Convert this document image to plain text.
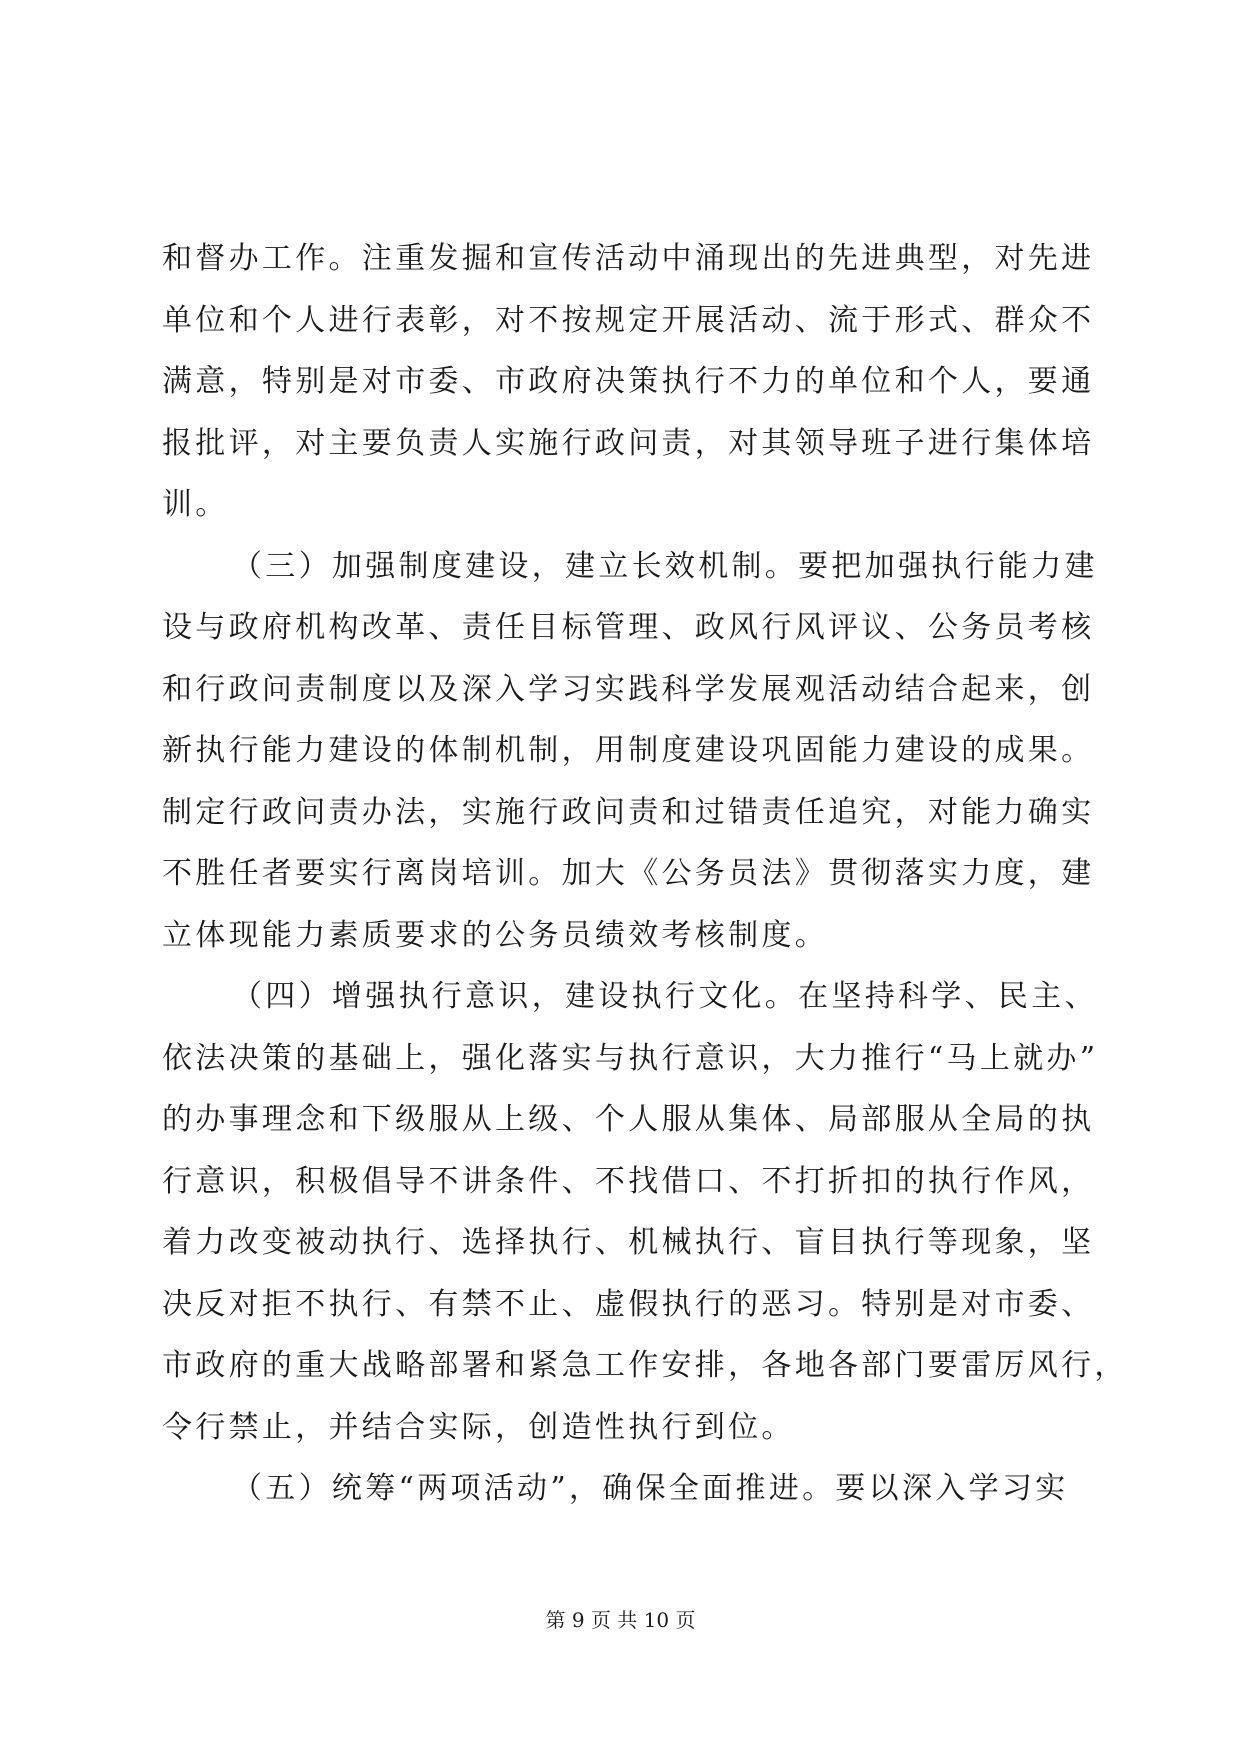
和督办工作。注重发掘和宣传活动中涌现出的先进典型，对先进
单位和个人进行表彰，对不按规定开展活动、流于形式、群众不
满意，特别是对市委、市政府决策执行不力的单位和个人，要通
报批评，对主要负责人实施行政问责，对其领导班子进行集体培
训。
（三）加强制度建设，建立长效机制。要把加强执行能力建
设与政府机构改革、责任目标管理、政风行风评议、公务员考核
和行政问责制度以及深入学习实践科学发展观活动结合起来，创
新执行能力建设的体制机制，用制度建设巩固能力建设的成果。
制定行政问责办法，实施行政问责和过错责任追究，对能力确实
不胜任者要实行离岗培训。加大《公务员法》贯彻落实力度，建
立体现能力素质要求的公务员绩效考核制度。
（四）增强执行意识，建设执行文化。在坚持科学、民主、
依法决策的基础上，强化落实与执行意识，大力推行“马上就办”
的办事理念和下级服从上级、个人服从集体、局部服从全局的执
行意识，积极倡导不讲条件、不找借口、不打折扣的执行作风，
着力改变被动执行、选择执行、机械执行、盲目执行等现象，坚
决反对拒不执行、有禁不止、虚假执行的恶习。特别是对市委、
市政府的重大战略部署和紧急工作安排，各地各部门要雷厉风行，
令行禁止，并结合实际，创造性执行到位。
（五）统筹“两项活动”，确保全面推进。要以深入学习实
第 9 页 共 10 页
